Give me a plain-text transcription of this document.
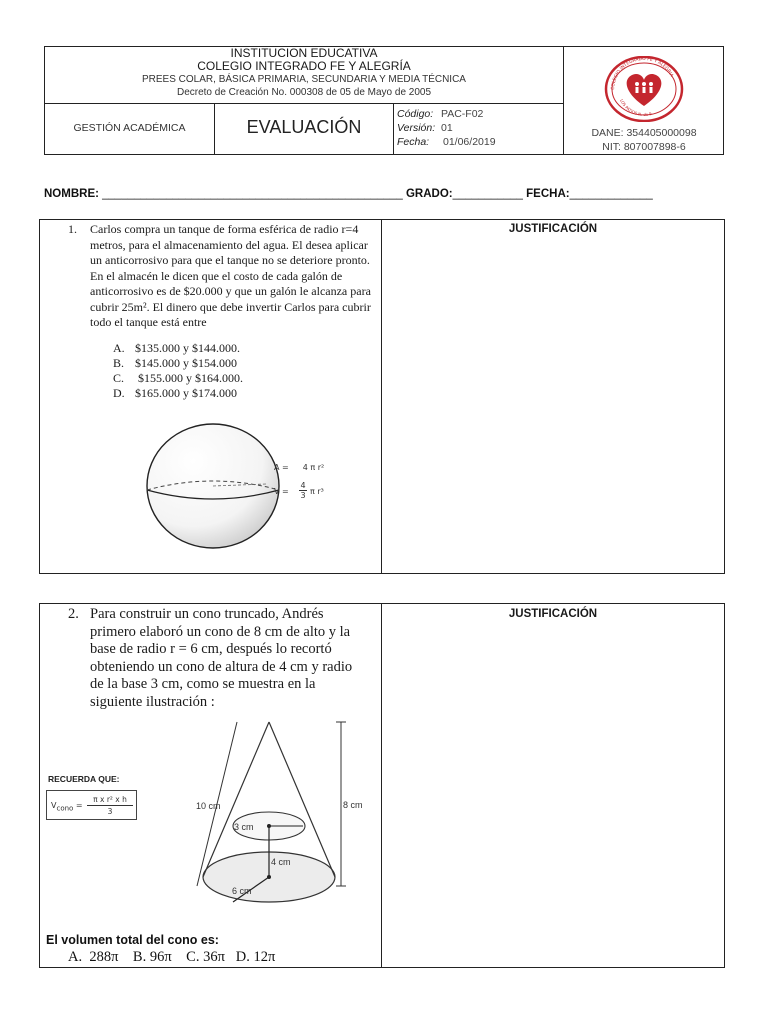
INSTITUCION EDUCATIVA
COLEGIO INTEGRADO FE Y ALEGRÍA
PREES COLAR, BÁSICA PRIMARIA, SECUNDARIA Y MEDIA TÉCNICA
Decreto de Creación No. 000308 de 05 de Mayo de 2005
GESTIÓN ACADÉMICA	EVALUACIÓN
Código: PAC-F02
Versión: 01
Fecha: 01/06/2019
COLEGIO INTEGRADO FE Y ALEGRIA
LOS PATIOS N. de S.
DANE: 354405000098
NIT: 807007898-6
NOMBRE: _______________________________________________ GRADO:___________ FECHA:_____________
1. Carlos compra un tanque de forma esférica de radio r=4 metros, para el almacenamiento del agua. El desea aplicar un anticorrosivo para que el tanque no se deteriore pronto. En el almacén le dicen que el costo de cada galón de anticorrosivo es de $20.000 y que un galón le alcanza para cubrir 25m². El dinero que debe invertir Carlos para cubrir todo el tanque está entre
A. $135.000 y $144.000.
B. $145.000 y $154.000
C. $155.000 y $164.000.
D. $165.000 y $174.000
JUSTIFICACIÓN
A = 4 π r²
$V = \frac{4}{3}$ π r³
2. Para construir un cono truncado, Andrés primero elaboró un cono de 8 cm de alto y la base de radio r = 6 cm, después lo recortó obteniendo un cono de altura de 4 cm y radio de la base 3 cm, como se muestra en la siguiente ilustración :
JUSTIFICACIÓN
RECUERDA QUE:
$V_{cono} = \frac{\text{π x r² x h}}{3}$	10 cm	8 cm
3 cm
4 cm
6 cm
El volumen total del cono es:
A.  288π    B. 96π    C. 36π   D. 12π
